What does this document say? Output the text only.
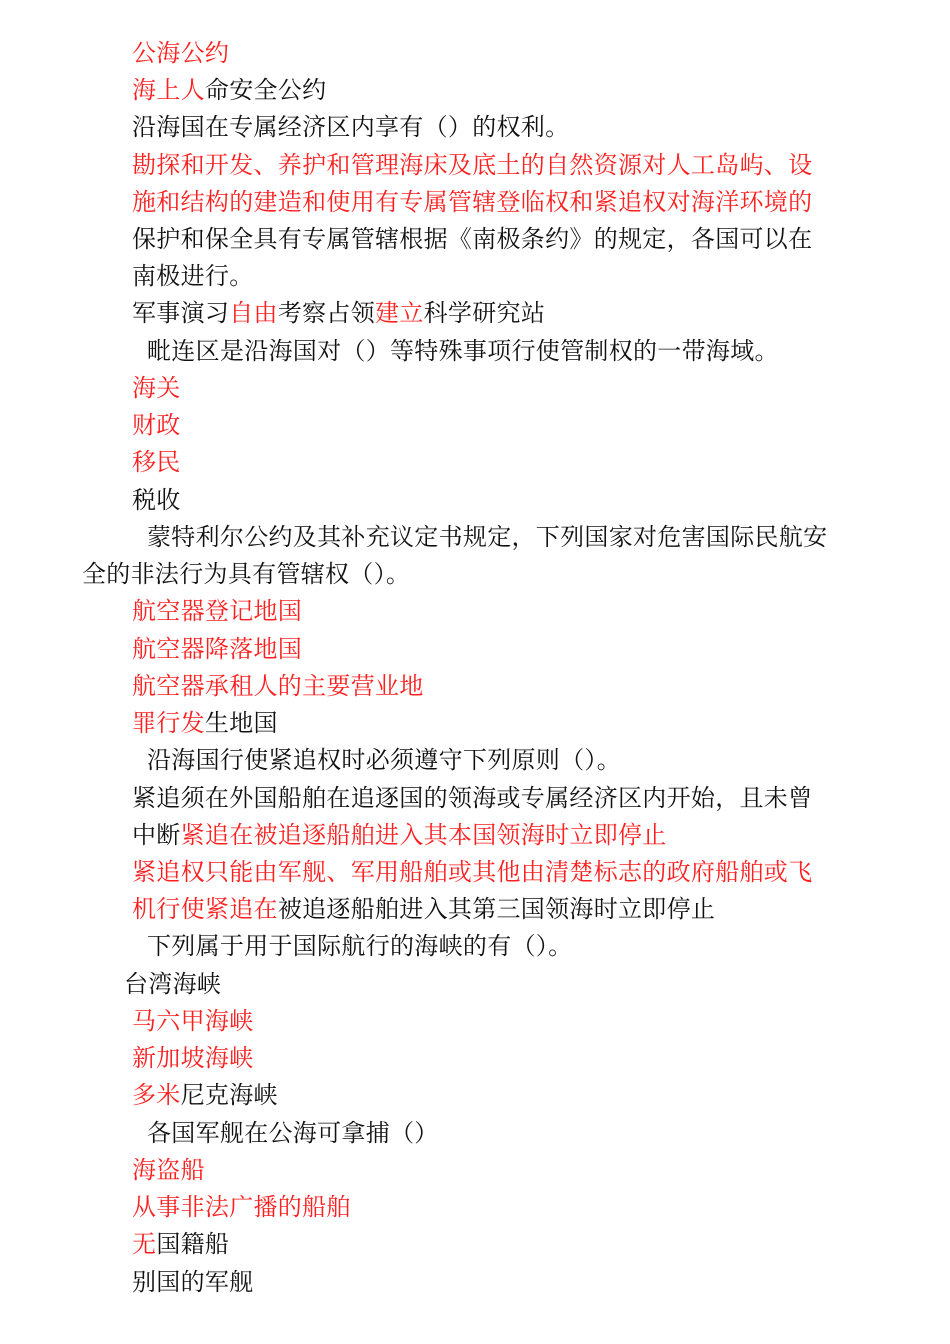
公海公约
海上人命安全公约
沿海国在专属经济区内享有（）的权利。
勘探和开发、养护和管理海床及底土的自然资源对人工岛屿、设
施和结构的建造和使用有专属管辖登临权和紧追权对海洋环境的
保护和保全具有专属管辖根据《南极条约》的规定，各国可以在
南极进行。
军事演习自由考察占领建立科学研究站
毗连区是沿海国对（）等特殊事项行使管制权的一带海域。
海关
财政
移民
税收
蒙特利尔公约及其补充议定书规定，下列国家对危害国际民航安
全的非法行为具有管辖权（）。
航空器登记地国
航空器降落地国
航空器承租人的主要营业地
罪行发生地国
沿海国行使紧追权时必须遵守下列原则（）。
紧追须在外国船舶在追逐国的领海或专属经济区内开始，且未曾
中断紧追在被追逐船舶进入其本国领海时立即停止
紧追权只能由军舰、军用船舶或其他由清楚标志的政府船舶或飞
机行使紧追在被追逐船舶进入其第三国领海时立即停止
下列属于用于国际航行的海峡的有（）。
台湾海峡
马六甲海峡
新加坡海峡
多米尼克海峡
各国军舰在公海可拿捕（）
海盗船
从事非法广播的船舶
无国籍船
别国的军舰
